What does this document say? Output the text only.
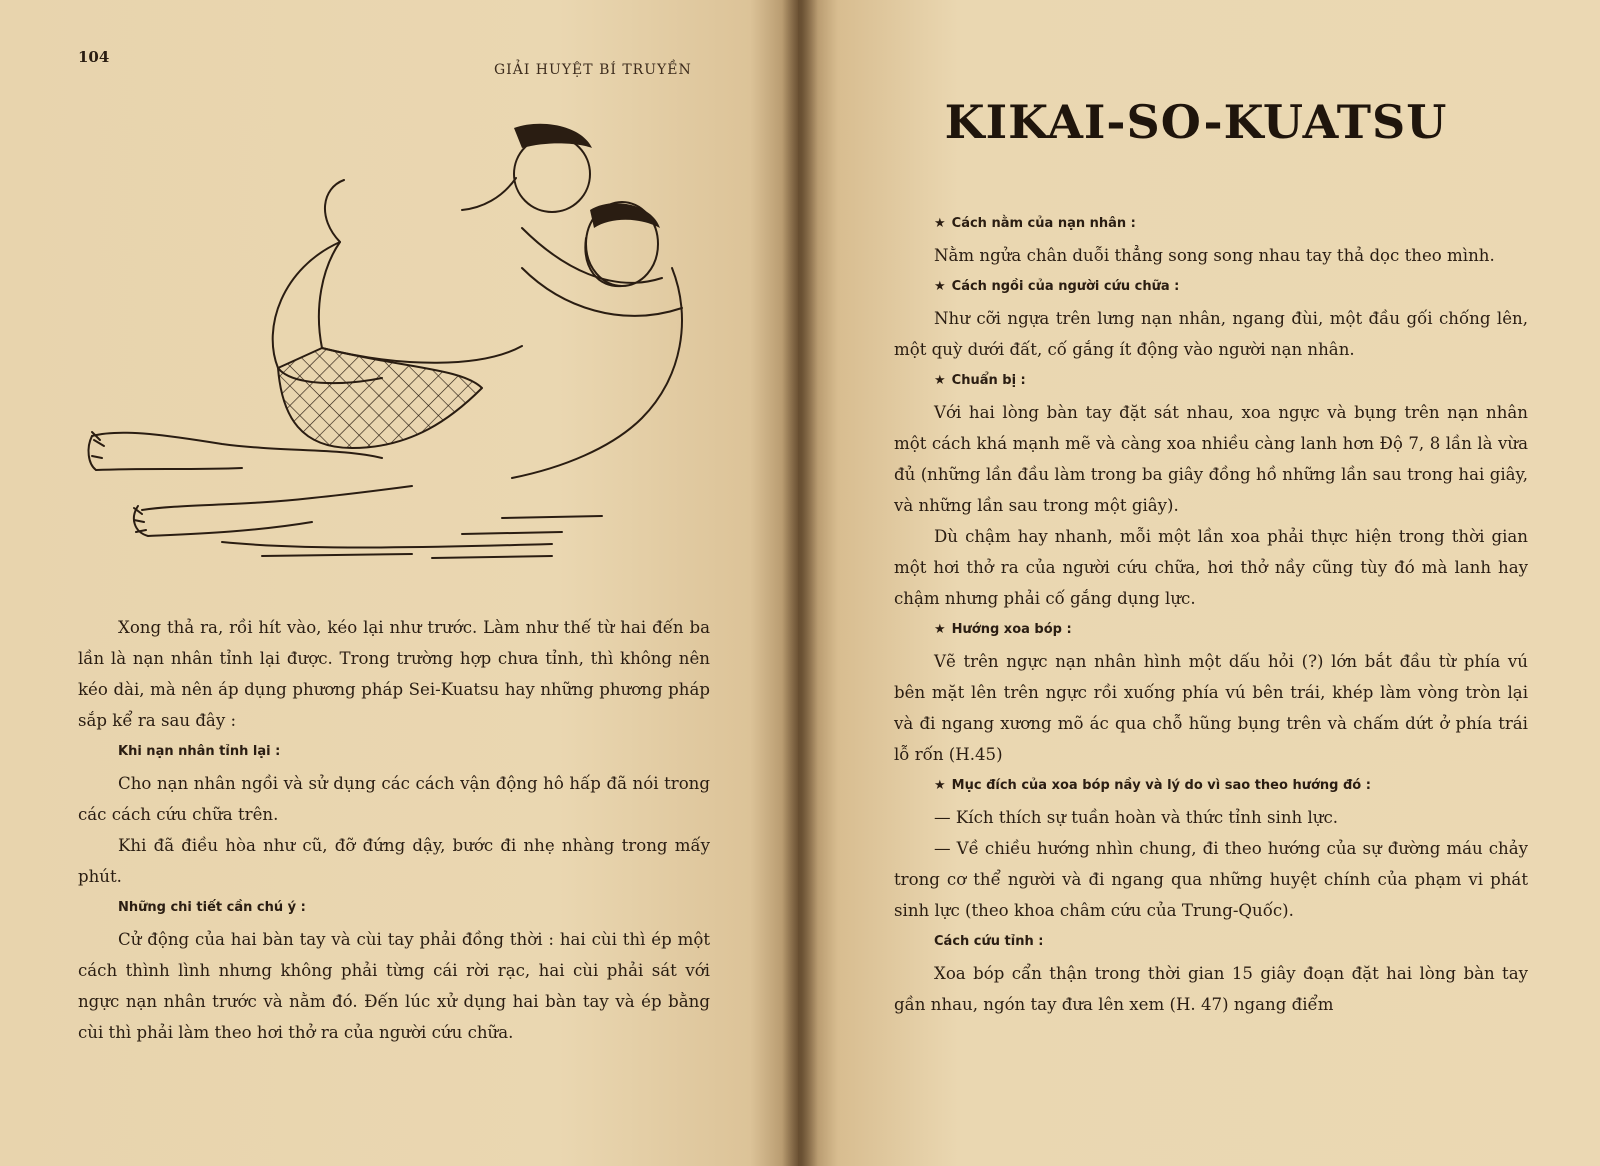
104
GIẢI HUYỆT BÍ TRUYỀN

Xong thả ra, rồi hít vào, kéo lại như trước. Làm như thế từ hai đến ba lần là nạn nhân tỉnh lại được. Trong trường hợp chưa tỉnh, thì không nên kéo dài, mà nên áp dụng phương pháp Sei-Kuatsu hay những phương pháp sắp kể ra sau đây :

Khi nạn nhân tỉnh lại :

Cho nạn nhân ngồi và sử dụng các cách vận động hô hấp đã nói trong các cách cứu chữa trên.

Khi đã điều hòa như cũ, đỡ đứng dậy, bước đi nhẹ nhàng trong mấy phút.

Những chi tiết cần chú ý :

Cử động của hai bàn tay và cùi tay phải đồng thời : hai cùi thì ép một cách thình lình nhưng không phải từng cái rời rạc, hai cùi phải sát với ngực nạn nhân trước và nằm đó. Đến lúc xử dụng hai bàn tay và ép bằng cùi thì phải làm theo hơi thở ra của người cứu chữa.

KIKAI-SO-KUATSU
★ Cách nằm của nạn nhân :

Nằm ngửa chân duỗi thẳng song song nhau tay thả dọc theo mình.

★ Cách ngồi của người cứu chữa :

Như cỡi ngựa trên lưng nạn nhân, ngang đùi, một đầu gối chống lên, một quỳ dưới đất, cố gắng ít động vào người nạn nhân.

★ Chuẩn bị :

Với hai lòng bàn tay đặt sát nhau, xoa ngực và bụng trên nạn nhân một cách khá mạnh mẽ và càng xoa nhiều càng lanh hơn Độ 7, 8 lần là vừa đủ (những lần đầu làm trong ba giây đồng hồ những lần sau trong hai giây, và những lần sau trong một giây).

Dù chậm hay nhanh, mỗi một lần xoa phải thực hiện trong thời gian một hơi thở ra của người cứu chữa, hơi thở nầy cũng tùy đó mà lanh hay chậm nhưng phải cố gắng dụng lực.

★ Hướng xoa bóp :

Vẽ trên ngực nạn nhân hình một dấu hỏi (?) lớn bắt đầu từ phía vú bên mặt lên trên ngực rồi xuống phía vú bên trái, khép làm vòng tròn lại và đi ngang xương mõ ác qua chỗ hũng bụng trên và chấm dứt ở phía trái lỗ rốn (H.45)

★ Mục đích của xoa bóp nầy và lý do vì sao theo hướng đó :

— Kích thích sự tuần hoàn và thức tỉnh sinh lực.

— Về chiều hướng nhìn chung, đi theo hướng của sự đường máu chảy trong cơ thể người và đi ngang qua những huyệt chính của phạm vi phát sinh lực (theo khoa châm cứu của Trung-Quốc).

Cách cứu tỉnh :

Xoa bóp cẩn thận trong thời gian 15 giây đoạn đặt hai lòng bàn tay gần nhau, ngón tay đưa lên xem (H. 47) ngang điểm
